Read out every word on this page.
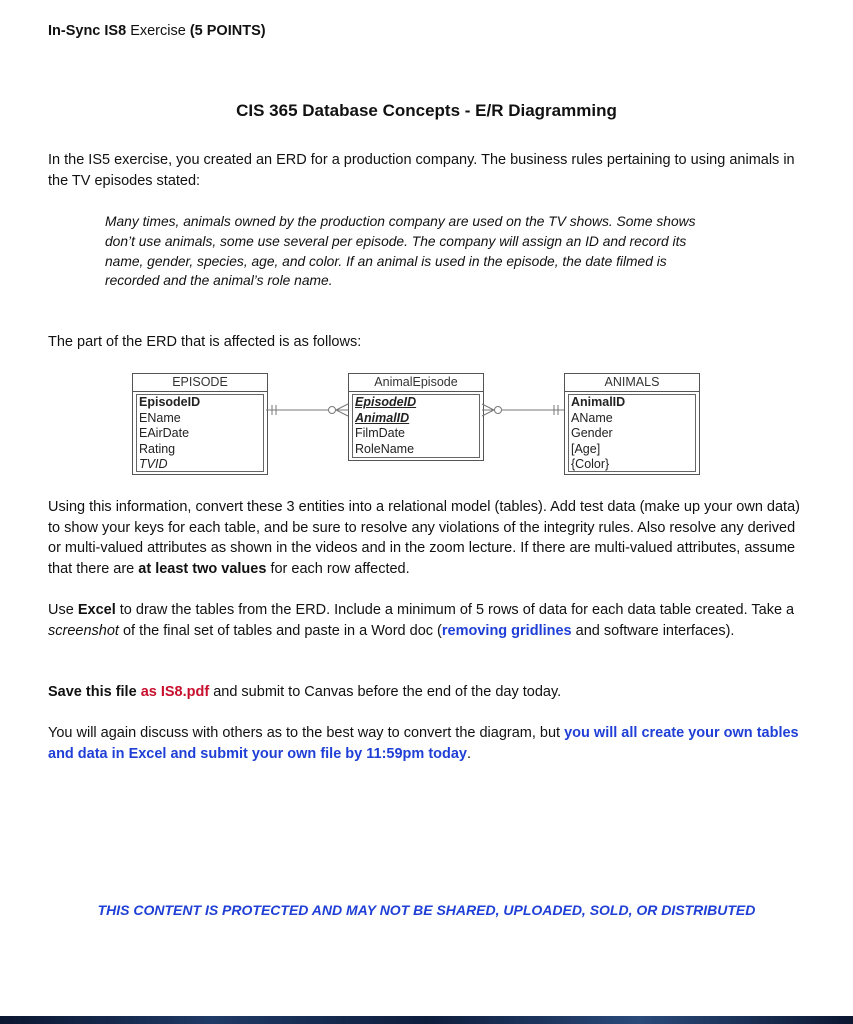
In-Sync IS8 Exercise (5 POINTS)
CIS 365 Database Concepts - E/R Diagramming

In the IS5 exercise, you created an ERD for a production company. The business rules pertaining to using animals in the TV episodes stated:

Many times, animals owned by the production company are used on the TV shows. Some shows don’t use animals, some use several per episode. The company will assign an ID and record its name, gender, species, age, and color. If an animal is used in the episode, the date filmed is recorded and the animal’s role name.

The part of the ERD that is affected is as follows:

EPISODE
EpisodeID
EName
EAirDate
Rating
TVID
AnimalEpisode
EpisodeID
AnimalID
FilmDate
RoleName
ANIMALS
AnimalID
AName
Gender
[Age]
{Color}

Using this information, convert these 3 entities into a relational model (tables). Add test data (make up your own data) to show your keys for each table, and be sure to resolve any violations of the integrity rules. Also resolve any derived or multi-valued attributes as shown in the videos and in the zoom lecture. If there are multi-valued attributes, assume that there are at least two values for each row affected.

Use Excel to draw the tables from the ERD. Include a minimum of 5 rows of data for each data table created. Take a screenshot of the final set of tables and paste in a Word doc (removing gridlines and software interfaces).

Save this file as IS8.pdf and submit to Canvas before the end of the day today.

You will again discuss with others as to the best way to convert the diagram, but you will all create your own tables and data in Excel and submit your own file by 11:59pm today.

THIS CONTENT IS PROTECTED AND MAY NOT BE SHARED, UPLOADED, SOLD, OR DISTRIBUTED
